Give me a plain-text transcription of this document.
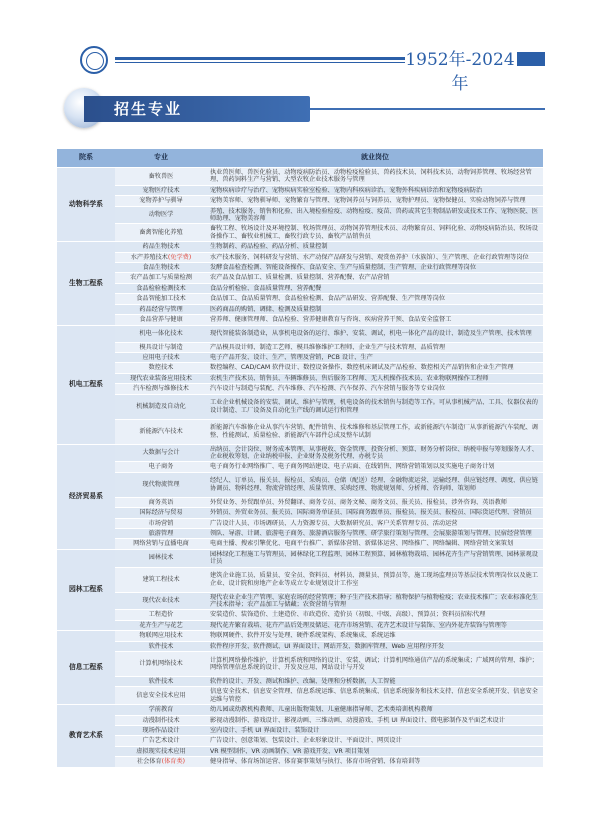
1952年-2024年
招生专业
院系	专业	就业岗位
动物科学系	畜牧兽医	执业兽医师、兽医化验员、动物疫病防治员、动物检疫检验员、兽药技术员、饲料技术员、动物饲养管理、牧场经营管理、兽药饲料生产与营销、大型农牧企业技术服务与管理
	宠物医疗技术	宠物疾病诊疗与治疗、宠物疾病实验室检验、宠物内科疾病诊治、宠物外科疾病诊治和宠物疫病防治
	宠物养护与驯导	宠物美容师、宠物驯导师、宠物繁育与管理、宠物饲养员与饲养员、宠物护理员、宠物保健员、实验动物饲养与管理
	动物医学	养殖、技术服务、销售和化验、出入境检验检疫、动物检疫、疫苗、兽药或其它生物制品研发或技术工作、宠物医院、医师助理、宠物美容师
	畜禽智能化养殖	畜牧工程、牧场设计及环境控制、牧场管理员、动物饲养管理技术员、动物繁育员、饲料化验、动物疫病防治员、牧场设备操作工、畜牧业机械工、畜牧行政专员、畜牧产品销售员
生物工程系	药品生物技术	生物制药、药品检验、药品分析、质量控制
	水产养殖技术(免学费)	水产技术服务、饲料研发与营销、水产动保产品研发与营销、观赏鱼养护（水族馆）、生产管理、企业行政管理等岗位
	食品生物技术	发酵食品检查检测、智能设备操作、食品安全、生产与质量控制、生产管理、企业行政管理等岗位
	农产品加工与质量检测	农产品及食品加工、质量检测、质量控制、营养配餐、农产品营销
	食品检验检测技术	食品分析检验、食品质量管理、营养配餐
	食品智能加工技术	食品加工、食品质量管理、食品检验检测、食品产品研发、营养配餐、生产管理等岗位
	药品经营与管理	医药商品的购销、调储、检测及质量控制
	食品营养与健康	营养师、健康管理师、食品检验、营养健康教育与咨询、疾病营养干预、食品安全监督工
机电工程系	机电一体化技术	现代智能装备制造业，从事机电设备的运行、维护、安装、调试，机电一体化产品的设计、制造及生产管理、技术管理
	模具设计与制造	产品模具设计师、制造工艺师、模具维修维护工程师、企业生产与技术管理、品质管理
	应用电子技术	电子产品开发、设计、生产、管理及营销，PCB 设计、生产
	数控技术	数控编程、CAD/CAM 软件设计、数控设备操作、数控机床调试及产品检验、数控相关产品销售和企业生产管理
	现代农业装备应用技术	农机生产技术员、销售员、车辆维修员、售后服务工程师、无人机操作技术员、农业物联网操作工程师
	汽车检测与维修技术	汽车设计与制造与装配、汽车维修、汽车检测、汽车保养、汽车营销与服务等专业岗位
	机械制造及自动化	工业企业机械设备的安装、调试、维护与管理，机电设备的技术销售与制造等工作。可从事机械产品、工具、仪器仪表的设计制造、工厂设备及自动化生产线的调试运行和管理
	新能源汽车技术	新能源汽车维修企业从事汽车营销、配件销售、技术维修和基层管理工作，或新能源汽车制造厂从事新能源汽车装配、调整、性能测试、质量检验、新能源汽车部件总成及整车试制
经济贸易系	大数据与会计	出纳员、会计岗位、财务成本管理、从事税收、资金管理、投资分析、预算、财务分析岗位、纳税申报与筹划服务人才、企业税收筹划、企业纳税申报、企业财务及税务代理、办税专员
	电子商务	电子商务行业网络推广、电子商务网站建设、电子店面、在线销售、网络营销策划以及实施电子商务计划
	现代物流管理	经纪人、订单员、报关员、报检员、采购员、仓储（配送）经理、金融物流运营、运输经理、供应链经理、调度、供应链协调员、物料经理、物流营销经理、质量管理、采购经理、物流规划师、分析师、咨询师、策划师
	商务英语	外贸业务、外贸跟单员、外贸翻译、商务专员、商务文秘、商务文员、报关员、报检员、涉外咨询、英语教师
	国际经济与贸易	外销员、外贸业务员、报关员、国际商务单证员、国际商务跟单员、报检员、报关员、报检员、国际货运代理、营销员
	市场营销	广告设计人员、市场调研员、人力资源专员、大数据研究员、客户关系管理专员、活动运营
	旅游管理	领队、导游、计调、旅游电子商务、旅游酒店服务与管理、研学旅行策划与管理、会展旅游策划与管理、民宿经营管理
	网络营销与直播电商	电商主播、搜索引擎优化、电商平台推广、新媒体营销、新媒体运营、网络推广、网络编辑、网络营销文案策划
园林工程系	园林技术	园林绿化工程施工与管理员、园林绿化工程监理、园林工程预算、园林植物栽培、园林花卉生产与营销管理、园林景观设计员
	建筑工程技术	建筑企业施工员、质量员、安全员、资料员、材料员、测量员、预算员等，施工现场监理员等基层技术管理岗位以及施工企业、设计院和房地产企业等成立专业规划设计工作室
	现代农业技术	现代农业企业生产管理、家庭农场的经营管理；种子生产技术指导；植物保护与植物检疫；农业技术推广；农业标准化生产技术指导；农产品加工与储藏；农资营销与管理
	工程造价	安装造价、装饰造价、土建造价、市政造价、造价员（初级、中级、高级）、预算员；资料员招标代理
	花卉生产与花艺	现代花卉繁育栽培、花卉产品后处理及储运、花卉市场营销、花卉艺术设计与装饰、室内外花卉装饰与管理等
信息工程系	物联网应用技术	物联网硬件、软件开发与处理、硬件系统架构、系统集成、系统运维
	软件技术	软件程序开发、软件测试、UI 界面设计、网站开发、数据库管理、Web 应用程序开发
	计算机网络技术	计算机网络操作维护，计算机系统和网络的设计、安装、调试；计算机网络通信产品的系统集成；广域网的管理、维护；网络管理信息系统的设计、开发及应用、网站设计与开发
	软件技术	软件的设计、开发、测试和维护、改编、处理和分析数据，人工智能
	信息安全技术应用	信息安全技术、信息安全管理、信息系统运维、信息系统集成、信息系统服务和技术支持、信息安全系统开发、信息安全运维与管控
教育艺术系	学前教育	幼儿园或幼教机构教师、儿童出版物策划、儿童健康指导师、艺术类培训机构教师
	动漫制作技术	影视动漫制作、游戏设计、影视动画、三维动画、动漫游戏、手机 UI 界面设计、微电影制作及平面艺术设计
	现场作品设计	室内设计、手机 UI 界面设计、装饰设计
	广告艺术设计	广告设计、创意策划、包装设计、企业形象设计、平面设计、网页设计
	虚拟现实技术应用	VR 模型制作、VR 动画制作、VR 游戏开发、VR 项目策划
	社会体育(体育类)	健身指导、体育场馆运营、体育赛事策划与执行、体育市场营销、体育培训等
